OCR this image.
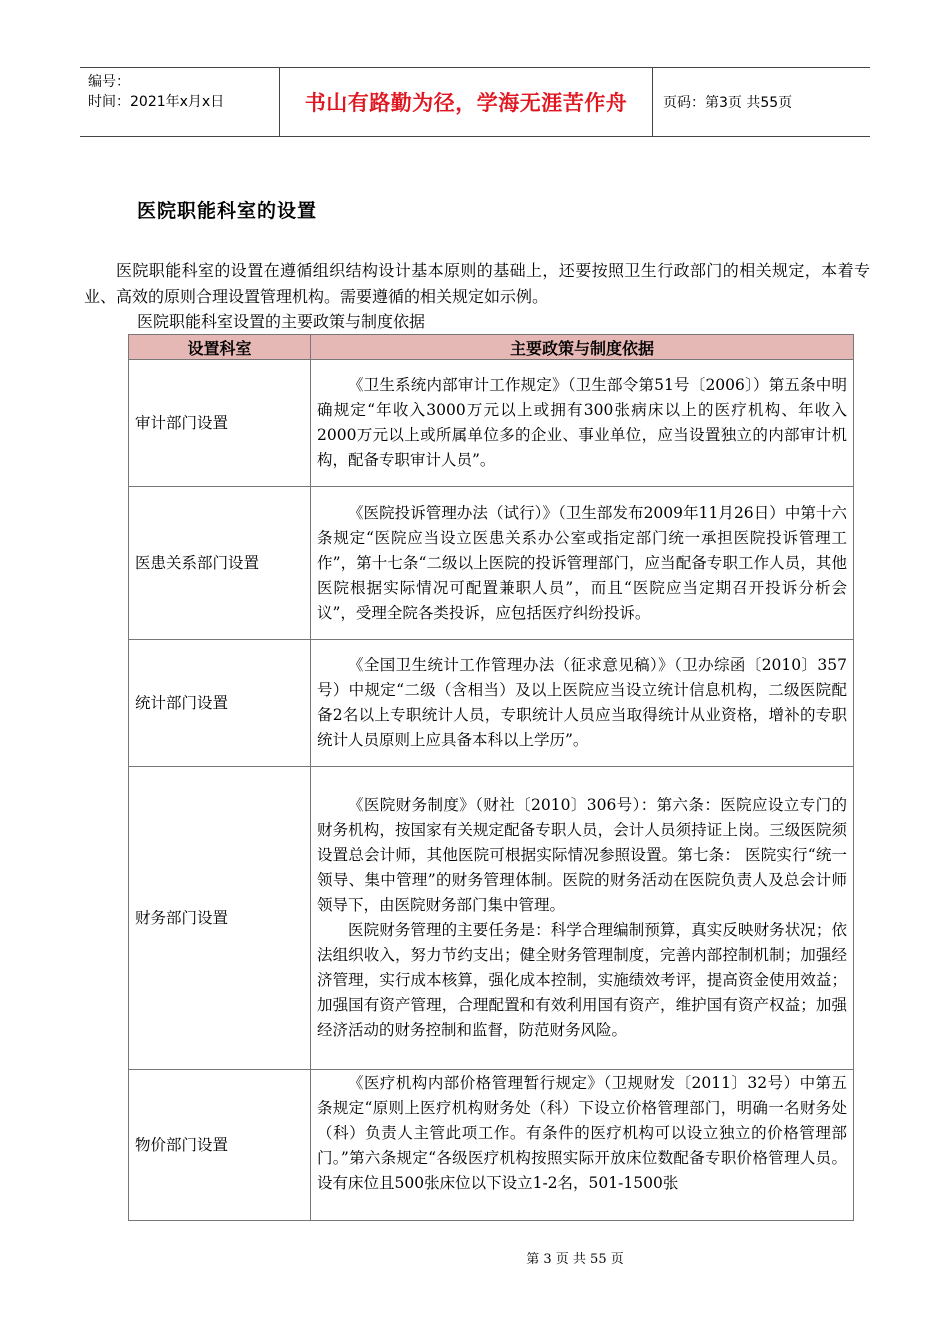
编号：
时间：2021年x月x日	书山有路勤为径，学海无涯苦作舟	页码：第3页 共55页
医院职能科室的设置

医院职能科室的设置在遵循组织结构设计基本原则的基础上，还要按照卫生行政部门的相关规定，本着专业、高效的原则合理设置管理机构。需要遵循的相关规定如示例。

医院职能科室设置的主要政策与制度依据
设置科室	主要政策与制度依据
审计部门设置	《卫生系统内部审计工作规定》（卫生部令第51号〔2006〕）第五条中明确规定“年收入3000万元以上或拥有300张病床以上的医疗机构、年收入2000万元以上或所属单位多的企业、事业单位，应当设置独立的内部审计机构，配备专职审计人员”。

医患关系部门设置	《医院投诉管理办法（试行）》（卫生部发布2009年11月26日）中第十六条规定“医院应当设立医患关系办公室或指定部门统一承担医院投诉管理工作”，第十七条“二级以上医院的投诉管理部门，应当配备专职工作人员，其他医院根据实际情况可配置兼职人员”，而且“医院应当定期召开投诉分析会议”，受理全院各类投诉，应包括医疗纠纷投诉。

统计部门设置	《全国卫生统计工作管理办法（征求意见稿）》（卫办综函〔2010〕357号）中规定“二级（含相当）及以上医院应当设立统计信息机构，二级医院配备2名以上专职统计人员，专职统计人员应当取得统计从业资格，增补的专职统计人员原则上应具备本科以上学历”。

财务部门设置	《医院财务制度》（财社〔2010〕306号）：第六条：医院应设立专门的财务机构，按国家有关规定配备专职人员，会计人员须持证上岗。三级医院须设置总会计师，其他医院可根据实际情况参照设置。第七条： 医院实行“统一领导、集中管理”的财务管理体制。医院的财务活动在医院负责人及总会计师领导下，由医院财务部门集中管理。

医院财务管理的主要任务是：科学合理编制预算，真实反映财务状况；依法组织收入，努力节约支出；健全财务管理制度，完善内部控制机制；加强经济管理，实行成本核算，强化成本控制，实施绩效考评，提高资金使用效益；加强国有资产管理，合理配置和有效利用国有资产，维护国有资产权益；加强经济活动的财务控制和监督，防范财务风险。

物价部门设置	《医疗机构内部价格管理暂行规定》（卫规财发〔2011〕32号）中第五条规定“原则上医疗机构财务处（科）下设立价格管理部门，明确一名财务处（科）负责人主管此项工作。有条件的医疗机构可以设立独立的价格管理部门。”第六条规定“各级医疗机构按照实际开放床位数配备专职价格管理人员。设有床位且500张床位以下设立1-2名，501-1500张

第 3 页 共 55 页
